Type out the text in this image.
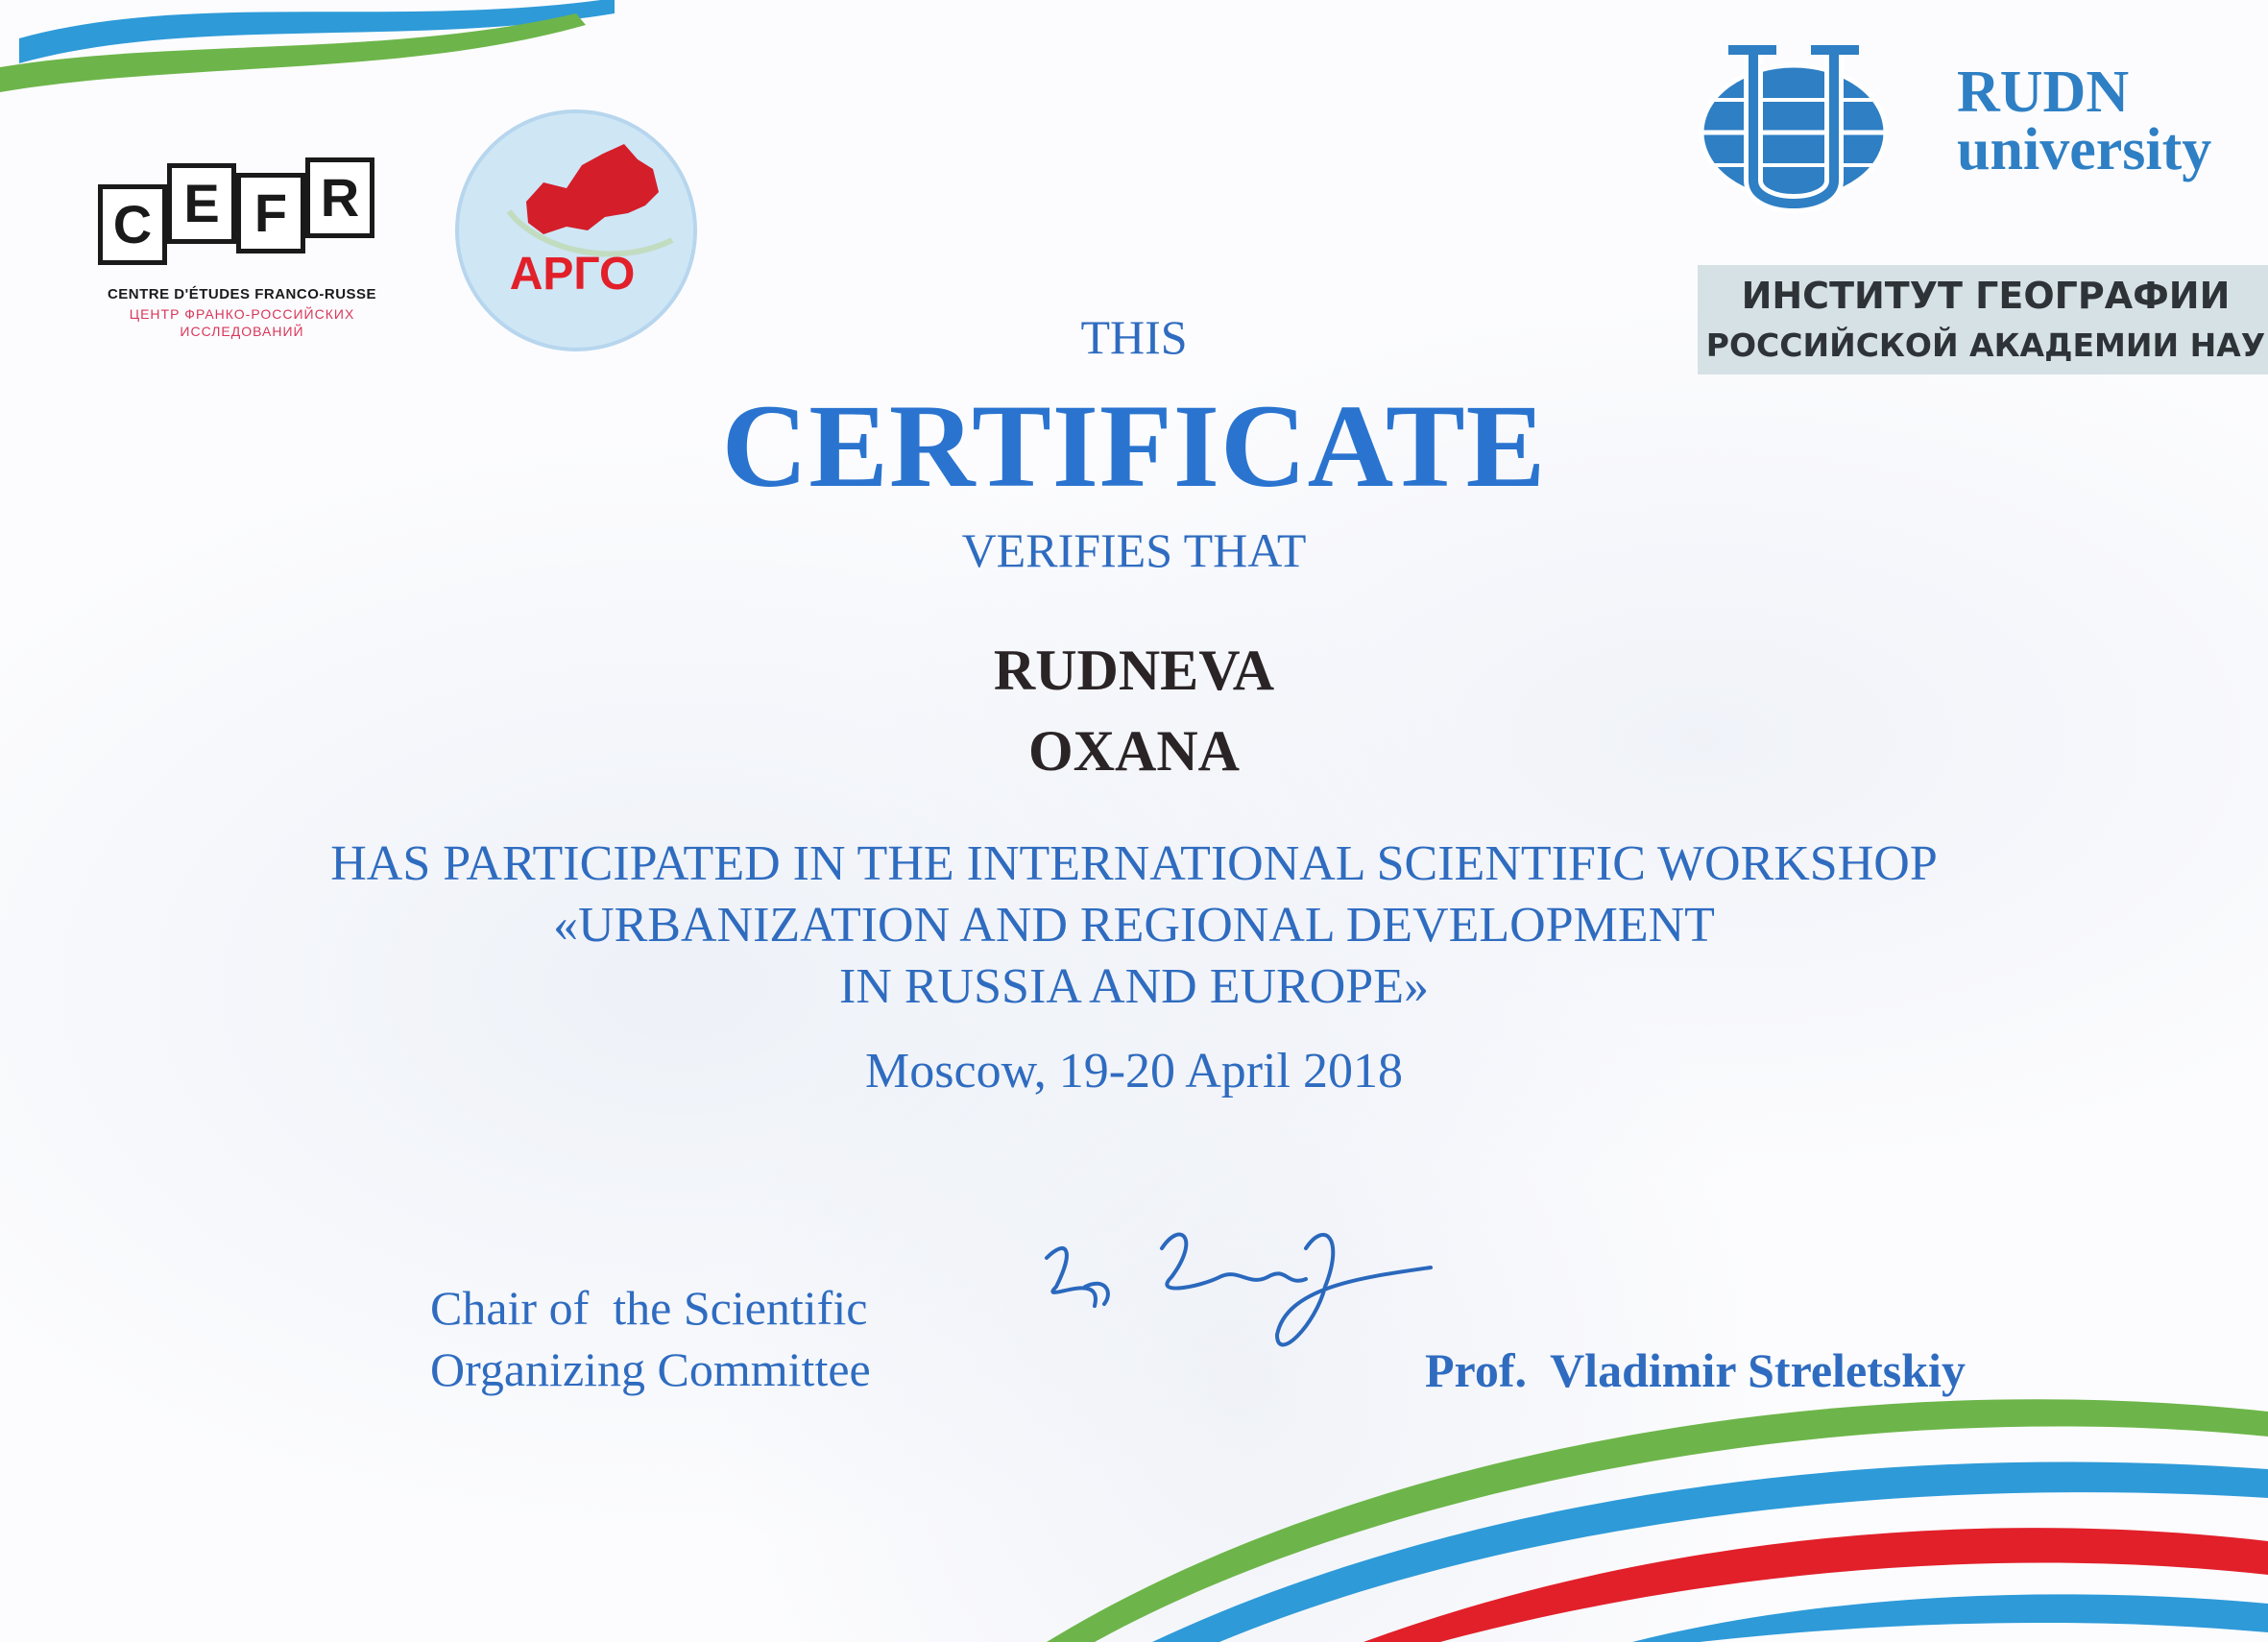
C E F R
CENTRE D'ÉTUDES FRANCO-RUSSE
ЦЕНТР ФРАНКО-РОССИЙСКИХ
ИССЛЕДОВАНИЙ
АРГО
RUDN
university
ИНСТИТУТ ГЕОГРАФИИ
РОССИЙСКОЙ АКАДЕМИИ НАУ
THIS
CERTIFICATE
VERIFIES THAT
RUDNEVA
OXANA
HAS PARTICIPATED IN THE INTERNATIONAL SCIENTIFIC WORKSHOP
«URBANIZATION AND REGIONAL DEVELOPMENT
IN RUSSIA AND EUROPE»
Moscow, 19-20 April 2018
Chair of  the Scientific
Organizing Committee	Prof.  Vladimir Streletskiy
